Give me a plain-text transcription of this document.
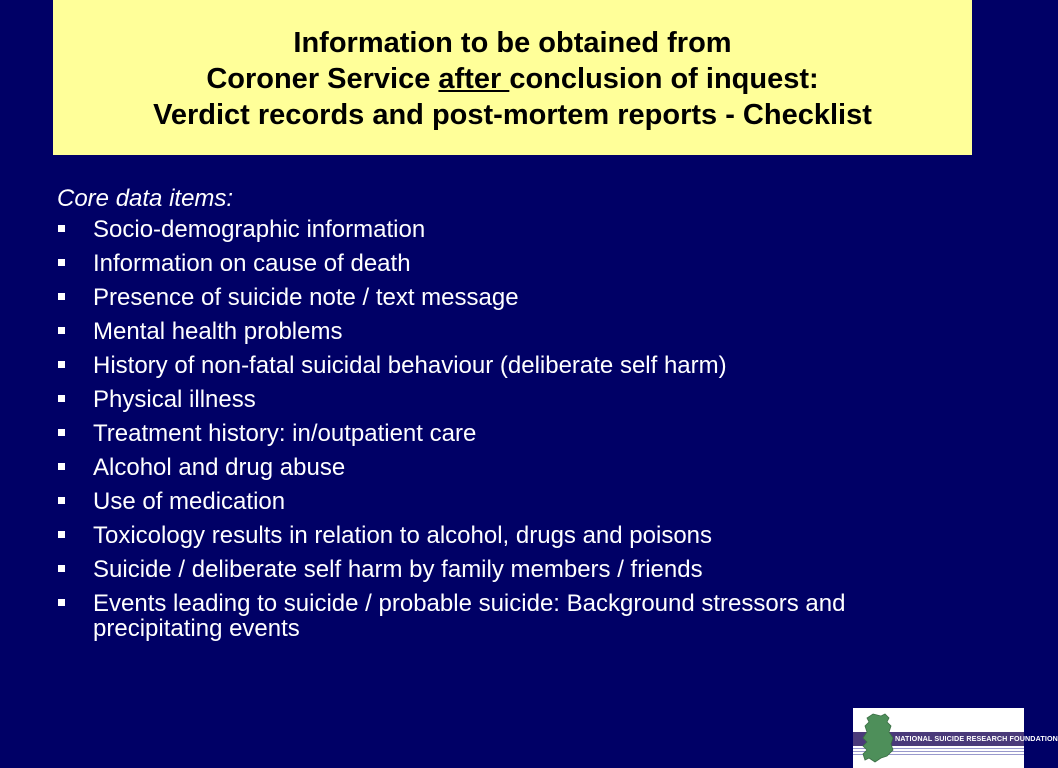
Information to be obtained from
Coroner Service after conclusion of inquest:
Verdict records and post-mortem reports - Checklist
Core data items:
Socio-demographic information
Information on cause of death
Presence of suicide note / text message
Mental health problems
History of non-fatal suicidal behaviour (deliberate self harm)
Physical illness
Treatment history: in/outpatient care
Alcohol and drug abuse
Use of medication
Toxicology results in relation to alcohol, drugs and poisons
Suicide / deliberate self harm by family members / friends
Events leading to suicide / probable suicide: Background stressors and precipitating events
NATIONAL SUICIDE RESEARCH FOUNDATION
